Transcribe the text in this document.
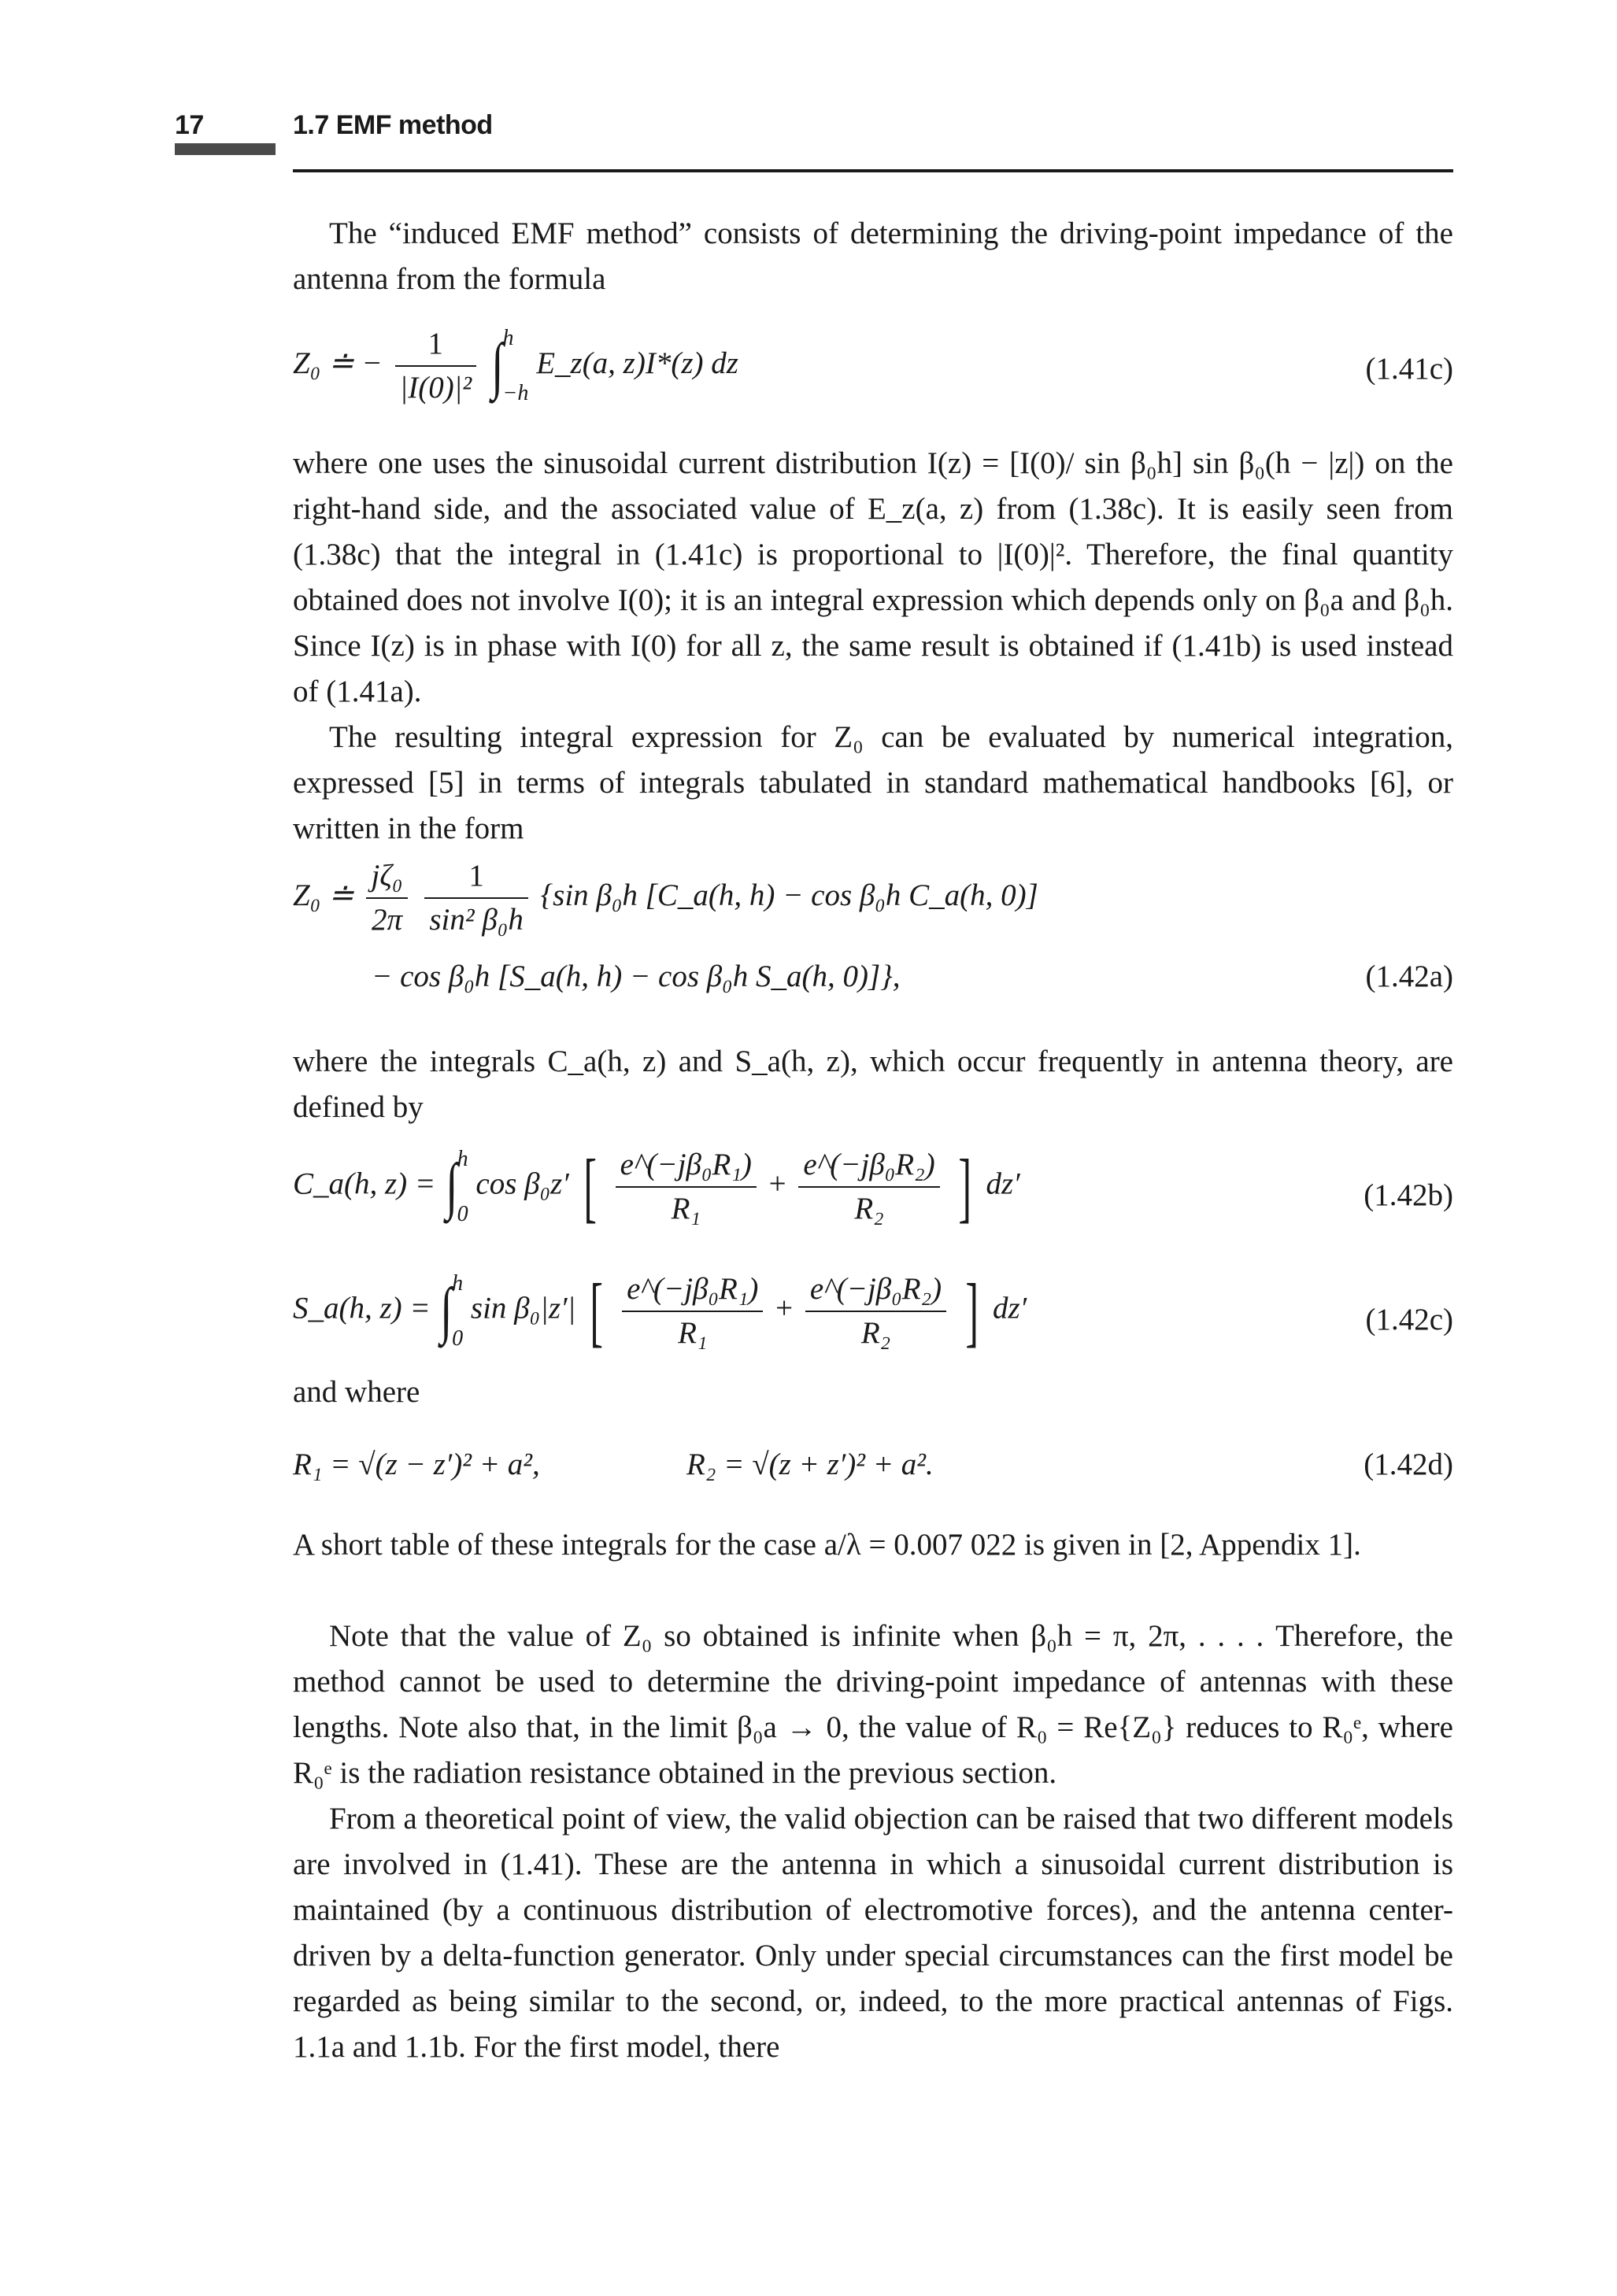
17	1.7 EMF method

The “induced EMF method” consists of determining the driving-point impedance of the antenna from the formula

Z₀ ≐ − $\frac{1}{\text{|I(0)|²}}$ ∫ h
−h
E_z(a, z)I*(z) dz	(1.41c)

where one uses the sinusoidal current distribution I(z) = [I(0)/ sin β₀h] sin β₀(h − |z|) on the right-hand side, and the associated value of E_z(a, z) from (1.38c). It is easily seen from (1.38c) that the integral in (1.41c) is proportional to |I(0)|². Therefore, the final quantity obtained does not involve I(0); it is an integral expression which depends only on β₀a and β₀h. Since I(z) is in phase with I(0) for all z, the same result is obtained if (1.41b) is used instead of (1.41a).

The resulting integral expression for Z₀ can be evaluated by numerical integration, expressed [5] in terms of integrals tabulated in standard mathematical handbooks [6], or written in the form

Z₀ ≐ $\frac{\text{jζ₀}}{2\pi}$
$\frac{1}{\text{sin² β₀h}} \{\sin$ β₀h [C_a(h, h) − cos β₀h C_a(h, 0)]
− cos β₀h [S_a(h, h) − cos β₀h S_a(h, 0)]},	(1.42a)

where the integrals C_a(h, z) and S_a(h, z), which occur frequently in antenna theory, are defined by

C_a(h, z) = ∫ h
0
cos β₀z′ [ $\frac{\text{e\textasciicircum{}(−jβ₀R₁)}}{\text{R₁}} + \frac{\text{e\textasciicircum{}(−jβ₀R₂)}}{\text{R₂}}$ ] dz′	(1.42b)
S_a(h, z) = ∫ h
0
sin β₀|z′| [ $\frac{\text{e\textasciicircum{}(−jβ₀R₁)}}{\text{R₁}} + \frac{\text{e\textasciicircum{}(−jβ₀R₂)}}{\text{R₂}}$ ] dz′	(1.42c)

and where

R₁ = √(z − z′)² + a²,	R₂ = √(z + z′)² + a².	(1.42d)

A short table of these integrals for the case a/λ = 0.007 022 is given in [2, Appendix 1].

Note that the value of Z₀ so obtained is infinite when β₀h = π, 2π, . . . . Therefore, the method cannot be used to determine the driving-point impedance of antennas with these lengths. Note also that, in the limit β₀a → 0, the value of R₀ = Re{Z₀} reduces to R₀ᵉ, where R₀ᵉ is the radiation resistance obtained in the previous section.

From a theoretical point of view, the valid objection can be raised that two different models are involved in (1.41). These are the antenna in which a sinusoidal current distribution is maintained (by a continuous distribution of electromotive forces), and the antenna center-driven by a delta-function generator. Only under special circumstances can the first model be regarded as being similar to the second, or, indeed, to the more practical antennas of Figs. 1.1a and 1.1b. For the first model, there
